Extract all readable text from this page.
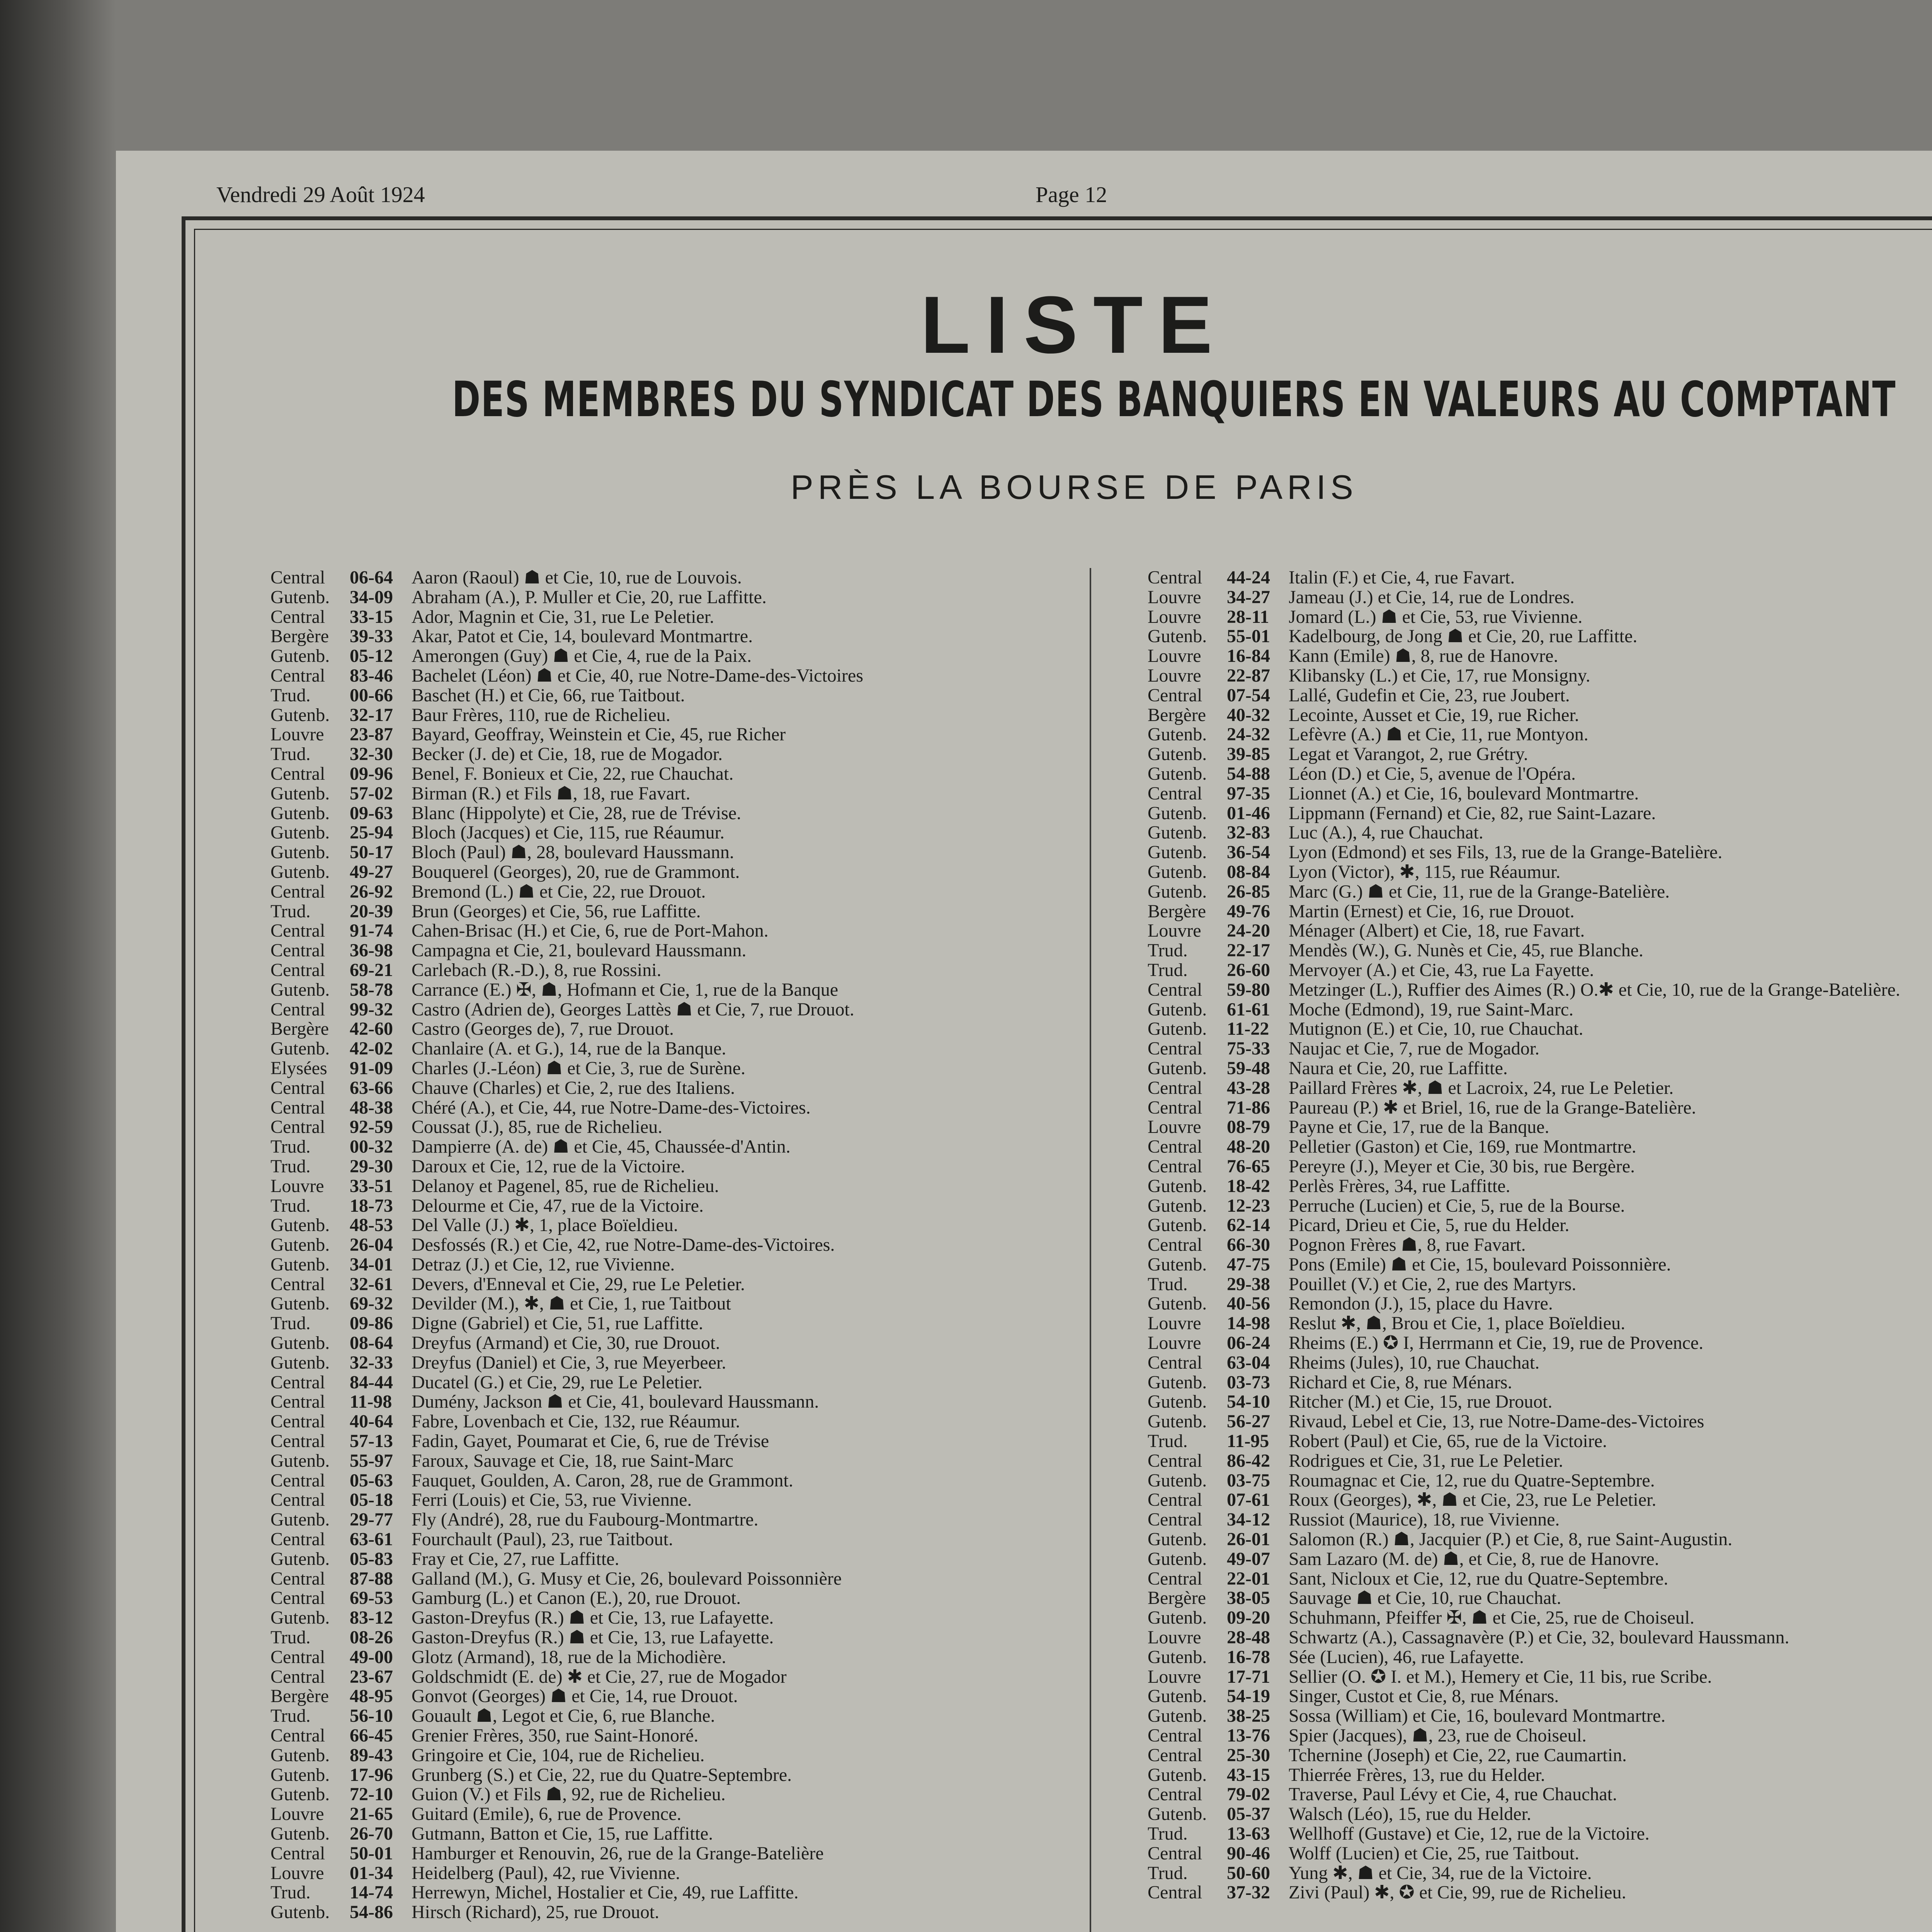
Vendredi 29 Août 1924	Page 12
LISTE
DES MEMBRES DU SYNDICAT DES BANQUIERS EN VALEURS AU COMPTANT
PRÈS LA BOURSE DE PARIS
Central	06-64	Aaron (Raoul) ☗ et Cie, 10, rue de Louvois.
Gutenb.	34-09	Abraham (A.), P. Muller et Cie, 20, rue Laffitte.
Central	33-15	Ador, Magnin et Cie, 31, rue Le Peletier.
Bergère	39-33	Akar, Patot et Cie, 14, boulevard Montmartre.
Gutenb.	05-12	Amerongen (Guy) ☗ et Cie, 4, rue de la Paix.
Central	83-46	Bachelet (Léon) ☗ et Cie, 40, rue Notre-Dame-des-Victoires
Trud.	00-66	Baschet (H.) et Cie, 66, rue Taitbout.
Gutenb.	32-17	Baur Frères, 110, rue de Richelieu.
Louvre	23-87	Bayard, Geoffray, Weinstein et Cie, 45, rue Richer
Trud.	32-30	Becker (J. de) et Cie, 18, rue de Mogador.
Central	09-96	Benel, F. Bonieux et Cie, 22, rue Chauchat.
Gutenb.	57-02	Birman (R.) et Fils ☗, 18, rue Favart.
Gutenb.	09-63	Blanc (Hippolyte) et Cie, 28, rue de Trévise.
Gutenb.	25-94	Bloch (Jacques) et Cie, 115, rue Réaumur.
Gutenb.	50-17	Bloch (Paul) ☗, 28, boulevard Haussmann.
Gutenb.	49-27	Bouquerel (Georges), 20, rue de Grammont.
Central	26-92	Bremond (L.) ☗ et Cie, 22, rue Drouot.
Trud.	20-39	Brun (Georges) et Cie, 56, rue Laffitte.
Central	91-74	Cahen-Brisac (H.) et Cie, 6, rue de Port-Mahon.
Central	36-98	Campagna et Cie, 21, boulevard Haussmann.
Central	69-21	Carlebach (R.-D.), 8, rue Rossini.
Gutenb.	58-78	Carrance (E.) ✠, ☗, Hofmann et Cie, 1, rue de la Banque
Central	99-32	Castro (Adrien de), Georges Lattès ☗ et Cie, 7, rue Drouot.
Bergère	42-60	Castro (Georges de), 7, rue Drouot.
Gutenb.	42-02	Chanlaire (A. et G.), 14, rue de la Banque.
Elysées	91-09	Charles (J.-Léon) ☗ et Cie, 3, rue de Surène.
Central	63-66	Chauve (Charles) et Cie, 2, rue des Italiens.
Central	48-38	Chéré (A.), et Cie, 44, rue Notre-Dame-des-Victoires.
Central	92-59	Coussat (J.), 85, rue de Richelieu.
Trud.	00-32	Dampierre (A. de) ☗ et Cie, 45, Chaussée-d'Antin.
Trud.	29-30	Daroux et Cie, 12, rue de la Victoire.
Louvre	33-51	Delanoy et Pagenel, 85, rue de Richelieu.
Trud.	18-73	Delourme et Cie, 47, rue de la Victoire.
Gutenb.	48-53	Del Valle (J.) ✱, 1, place Boïeldieu.
Gutenb.	26-04	Desfossés (R.) et Cie, 42, rue Notre-Dame-des-Victoires.
Gutenb.	34-01	Detraz (J.) et Cie, 12, rue Vivienne.
Central	32-61	Devers, d'Enneval et Cie, 29, rue Le Peletier.
Gutenb.	69-32	Devilder (M.), ✱, ☗ et Cie, 1, rue Taitbout
Trud.	09-86	Digne (Gabriel) et Cie, 51, rue Laffitte.
Gutenb.	08-64	Dreyfus (Armand) et Cie, 30, rue Drouot.
Gutenb.	32-33	Dreyfus (Daniel) et Cie, 3, rue Meyerbeer.
Central	84-44	Ducatel (G.) et Cie, 29, rue Le Peletier.
Central	11-98	Dumény, Jackson ☗ et Cie, 41, boulevard Haussmann.
Central	40-64	Fabre, Lovenbach et Cie, 132, rue Réaumur.
Central	57-13	Fadin, Gayet, Poumarat et Cie, 6, rue de Trévise
Gutenb.	55-97	Faroux, Sauvage et Cie, 18, rue Saint-Marc
Central	05-63	Fauquet, Goulden, A. Caron, 28, rue de Grammont.
Central	05-18	Ferri (Louis) et Cie, 53, rue Vivienne.
Gutenb.	29-77	Fly (André), 28, rue du Faubourg-Montmartre.
Central	63-61	Fourchault (Paul), 23, rue Taitbout.
Gutenb.	05-83	Fray et Cie, 27, rue Laffitte.
Central	87-88	Galland (M.), G. Musy et Cie, 26, boulevard Poissonnière
Central	69-53	Gamburg (L.) et Canon (E.), 20, rue Drouot.
Gutenb.	83-12	Gaston-Dreyfus (R.) ☗ et Cie, 13, rue Lafayette.
Trud.	08-26	Gaston-Dreyfus (R.) ☗ et Cie, 13, rue Lafayette.
Central	49-00	Glotz (Armand), 18, rue de la Michodière.
Central	23-67	Goldschmidt (E. de) ✱ et Cie, 27, rue de Mogador
Bergère	48-95	Gonvot (Georges) ☗ et Cie, 14, rue Drouot.
Trud.	56-10	Gouault ☗, Legot et Cie, 6, rue Blanche.
Central	66-45	Grenier Frères, 350, rue Saint-Honoré.
Gutenb.	89-43	Gringoire et Cie, 104, rue de Richelieu.
Gutenb.	17-96	Grunberg (S.) et Cie, 22, rue du Quatre-Septembre.
Gutenb.	72-10	Guion (V.) et Fils ☗, 92, rue de Richelieu.
Louvre	21-65	Guitard (Emile), 6, rue de Provence.
Gutenb.	26-70	Gutmann, Batton et Cie, 15, rue Laffitte.
Central	50-01	Hamburger et Renouvin, 26, rue de la Grange-Batelière
Louvre	01-34	Heidelberg (Paul), 42, rue Vivienne.
Trud.	14-74	Herrewyn, Michel, Hostalier et Cie, 49, rue Laffitte.
Gutenb.	54-86	Hirsch (Richard), 25, rue Drouot.
Central	44-24	Italin (F.) et Cie, 4, rue Favart.
Louvre	34-27	Jameau (J.) et Cie, 14, rue de Londres.
Louvre	28-11	Jomard (L.) ☗ et Cie, 53, rue Vivienne.
Gutenb.	55-01	Kadelbourg, de Jong ☗ et Cie, 20, rue Laffitte.
Louvre	16-84	Kann (Emile) ☗, 8, rue de Hanovre.
Louvre	22-87	Klibansky (L.) et Cie, 17, rue Monsigny.
Central	07-54	Lallé, Gudefin et Cie, 23, rue Joubert.
Bergère	40-32	Lecointe, Ausset et Cie, 19, rue Richer.
Gutenb.	24-32	Lefèvre (A.) ☗ et Cie, 11, rue Montyon.
Gutenb.	39-85	Legat et Varangot, 2, rue Grétry.
Gutenb.	54-88	Léon (D.) et Cie, 5, avenue de l'Opéra.
Central	97-35	Lionnet (A.) et Cie, 16, boulevard Montmartre.
Gutenb.	01-46	Lippmann (Fernand) et Cie, 82, rue Saint-Lazare.
Gutenb.	32-83	Luc (A.), 4, rue Chauchat.
Gutenb.	36-54	Lyon (Edmond) et ses Fils, 13, rue de la Grange-Batelière.
Gutenb.	08-84	Lyon (Victor), ✱, 115, rue Réaumur.
Gutenb.	26-85	Marc (G.) ☗ et Cie, 11, rue de la Grange-Batelière.
Bergère	49-76	Martin (Ernest) et Cie, 16, rue Drouot.
Louvre	24-20	Ménager (Albert) et Cie, 18, rue Favart.
Trud.	22-17	Mendès (W.), G. Nunès et Cie, 45, rue Blanche.
Trud.	26-60	Mervoyer (A.) et Cie, 43, rue La Fayette.
Central	59-80	Metzinger (L.), Ruffier des Aimes (R.) O.✱ et Cie, 10, rue de la Grange-Batelière.
Gutenb.	61-61	Moche (Edmond), 19, rue Saint-Marc.
Gutenb.	11-22	Mutignon (E.) et Cie, 10, rue Chauchat.
Central	75-33	Naujac et Cie, 7, rue de Mogador.
Gutenb.	59-48	Naura et Cie, 20, rue Laffitte.
Central	43-28	Paillard Frères ✱, ☗ et Lacroix, 24, rue Le Peletier.
Central	71-86	Paureau (P.) ✱ et Briel, 16, rue de la Grange-Batelière.
Louvre	08-79	Payne et Cie, 17, rue de la Banque.
Central	48-20	Pelletier (Gaston) et Cie, 169, rue Montmartre.
Central	76-65	Pereyre (J.), Meyer et Cie, 30 bis, rue Bergère.
Gutenb.	18-42	Perlès Frères, 34, rue Laffitte.
Gutenb.	12-23	Perruche (Lucien) et Cie, 5, rue de la Bourse.
Gutenb.	62-14	Picard, Drieu et Cie, 5, rue du Helder.
Central	66-30	Pognon Frères ☗, 8, rue Favart.
Gutenb.	47-75	Pons (Emile) ☗ et Cie, 15, boulevard Poissonnière.
Trud.	29-38	Pouillet (V.) et Cie, 2, rue des Martyrs.
Gutenb.	40-56	Remondon (J.), 15, place du Havre.
Louvre	14-98	Reslut ✱, ☗, Brou et Cie, 1, place Boïeldieu.
Louvre	06-24	Rheims (E.) ✪ I, Herrmann et Cie, 19, rue de Provence.
Central	63-04	Rheims (Jules), 10, rue Chauchat.
Gutenb.	03-73	Richard et Cie, 8, rue Ménars.
Gutenb.	54-10	Ritcher (M.) et Cie, 15, rue Drouot.
Gutenb.	56-27	Rivaud, Lebel et Cie, 13, rue Notre-Dame-des-Victoires
Trud.	11-95	Robert (Paul) et Cie, 65, rue de la Victoire.
Central	86-42	Rodrigues et Cie, 31, rue Le Peletier.
Gutenb.	03-75	Roumagnac et Cie, 12, rue du Quatre-Septembre.
Central	07-61	Roux (Georges), ✱, ☗ et Cie, 23, rue Le Peletier.
Central	34-12	Russiot (Maurice), 18, rue Vivienne.
Gutenb.	26-01	Salomon (R.) ☗, Jacquier (P.) et Cie, 8, rue Saint-Augustin.
Gutenb.	49-07	Sam Lazaro (M. de) ☗, et Cie, 8, rue de Hanovre.
Central	22-01	Sant, Nicloux et Cie, 12, rue du Quatre-Septembre.
Bergère	38-05	Sauvage ☗ et Cie, 10, rue Chauchat.
Gutenb.	09-20	Schuhmann, Pfeiffer ✠, ☗ et Cie, 25, rue de Choiseul.
Louvre	28-48	Schwartz (A.), Cassagnavère (P.) et Cie, 32, boulevard Haussmann.
Gutenb.	16-78	Sée (Lucien), 46, rue Lafayette.
Louvre	17-71	Sellier (O. ✪ I. et M.), Hemery et Cie, 11 bis, rue Scribe.
Gutenb.	54-19	Singer, Custot et Cie, 8, rue Ménars.
Gutenb.	38-25	Sossa (William) et Cie, 16, boulevard Montmartre.
Central	13-76	Spier (Jacques), ☗, 23, rue de Choiseul.
Central	25-30	Tchernine (Joseph) et Cie, 22, rue Caumartin.
Gutenb.	43-15	Thierrée Frères, 13, rue du Helder.
Central	79-02	Traverse, Paul Lévy et Cie, 4, rue Chauchat.
Gutenb.	05-37	Walsch (Léo), 15, rue du Helder.
Trud.	13-63	Wellhoff (Gustave) et Cie, 12, rue de la Victoire.
Central	90-46	Wolff (Lucien) et Cie, 25, rue Taitbout.
Trud.	50-60	Yung ✱, ☗ et Cie, 34, rue de la Victoire.
Central	37-32	Zivi (Paul) ✱, ✪ et Cie, 99, rue de Richelieu.
